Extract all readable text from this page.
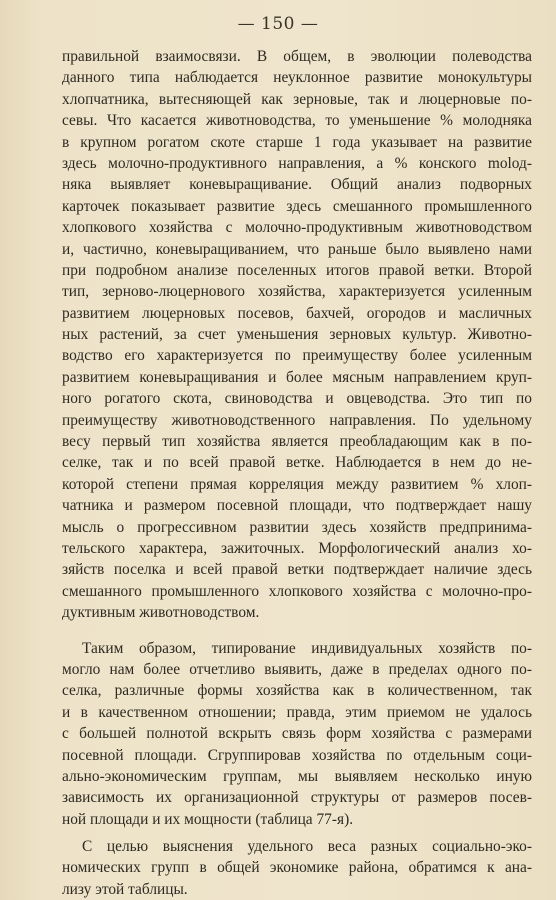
— 150 —
правильной взаимосвязи. В общем, в эволюции полеводства
данного типа наблюдается неуклонное развитие монокультуры
хлопчатника, вытесняющей как зерновые, так и люцерновые по-
севы. Что касается животноводства, то уменьшение % молодняка
в крупном рогатом скоте старше 1 года указывает на развитие
здесь молочно-продуктивного направления, а % конского molод-
няка выявляет коневыращивание. Общий анализ подворных
карточек показывает развитие здесь смешанного промышленного
хлопкового хозяйства с молочно-продуктивным животноводством
и, частично, коневыращиванием, что раньше было выявлено нами
при подробном анализе поселенных итогов правой ветки. Второй
тип, зерново-люцернового хозяйства, характеризуется усиленным
развитием люцерновых посевов, бахчей, огородов и масличных
ных растений, за счет уменьшения зерновых культур. Животно-
водство его характеризуется по преимуществу более усиленным
развитием коневыращивания и более мясным направлением круп-
ного рогатого скота, свиноводства и овцеводства. Это тип по
преимуществу животноводственного направления. По удельному
весу первый тип хозяйства является преобладающим как в по-
селке, так и по всей правой ветке. Наблюдается в нем до не-
которой степени прямая корреляция между развитием % хлоп-
чатника и размером посевной площади, что подтверждает нашу
мысль о прогрессивном развитии здесь хозяйств предпринима-
тельского характера, зажиточных. Морфологический анализ хо-
зяйств поселка и всей правой ветки подтверждает наличие здесь
смешанного промышленного хлопкового хозяйства с молочно-про-
дуктивным животноводством.
Таким образом, типирование индивидуальных хозяйств по-
могло нам более отчетливо выявить, даже в пределах одного по-
селка, различные формы хозяйства как в количественном, так
и в качественном отношении; правда, этим приемом не удалось
с большей полнотой вскрыть связь форм хозяйства с размерами
посевной площади. Сгруппировав хозяйства по отдельным соци-
ально-экономическим группам, мы выявляем несколько иную
зависимость их организационной структуры от размеров посев-
ной площади и их мощности (таблица 77-я).
С целью выяснения удельного веса разных социально-эко-
номических групп в общей экономике района, обратимся к ана-
лизу этой таблицы.
